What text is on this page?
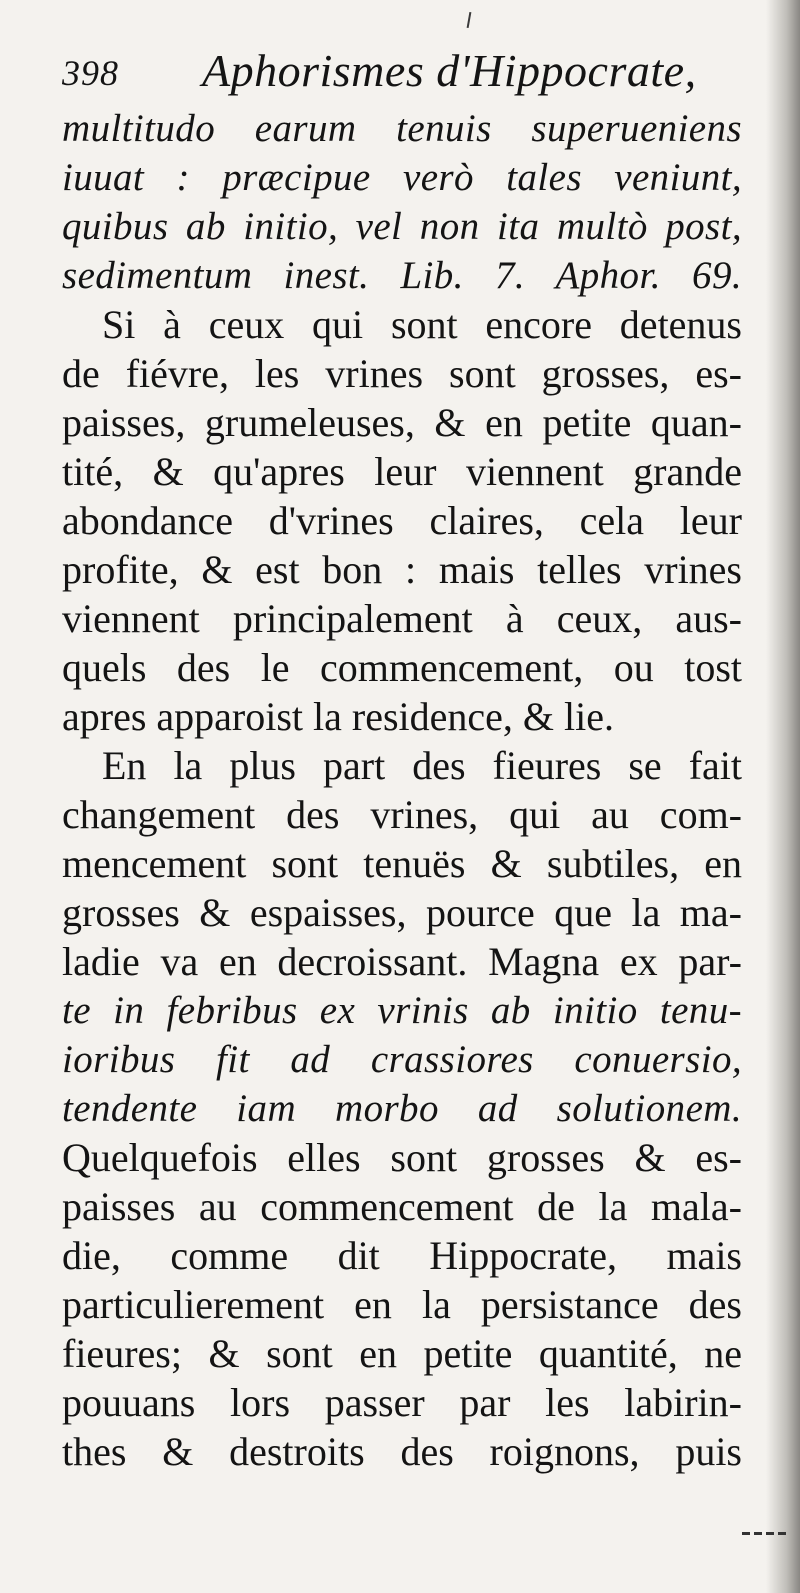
398 Aphorismes d'Hippocrate,
multitudo earum tenuis superueniens
iuuat : præcipue verò tales veniunt,
quibus ab initio, vel non ita multò post,
sedimentum inest. Lib. 7. Aphor. 69.
Si à ceux qui sont encore detenus
de fiévre, les vrines sont grosses, es-
paisses, grumeleuses, & en petite quan-
tité, & qu'apres leur viennent grande
abondance d'vrines claires, cela leur
profite, & est bon : mais telles vrines
viennent principalement à ceux, aus-
quels des le commencement, ou tost
apres apparoist la residence, & lie.
En la plus part des fieures se fait
changement des vrines, qui au com-
mencement sont tenuës & subtiles, en
grosses & espaisses, pource que la ma-
ladie va en decroissant. Magna ex par-
te in febribus ex vrinis ab initio tenu-
ioribus fit ad crassiores conuersio,
tendente iam morbo ad solutionem.
Quelquefois elles sont grosses & es-
paisses au commencement de la mala-
die, comme dit Hippocrate, mais
particulierement en la persistance des
fieures; & sont en petite quantité, ne
pouuans lors passer par les labirin-
thes & destroits des roignons, puis
